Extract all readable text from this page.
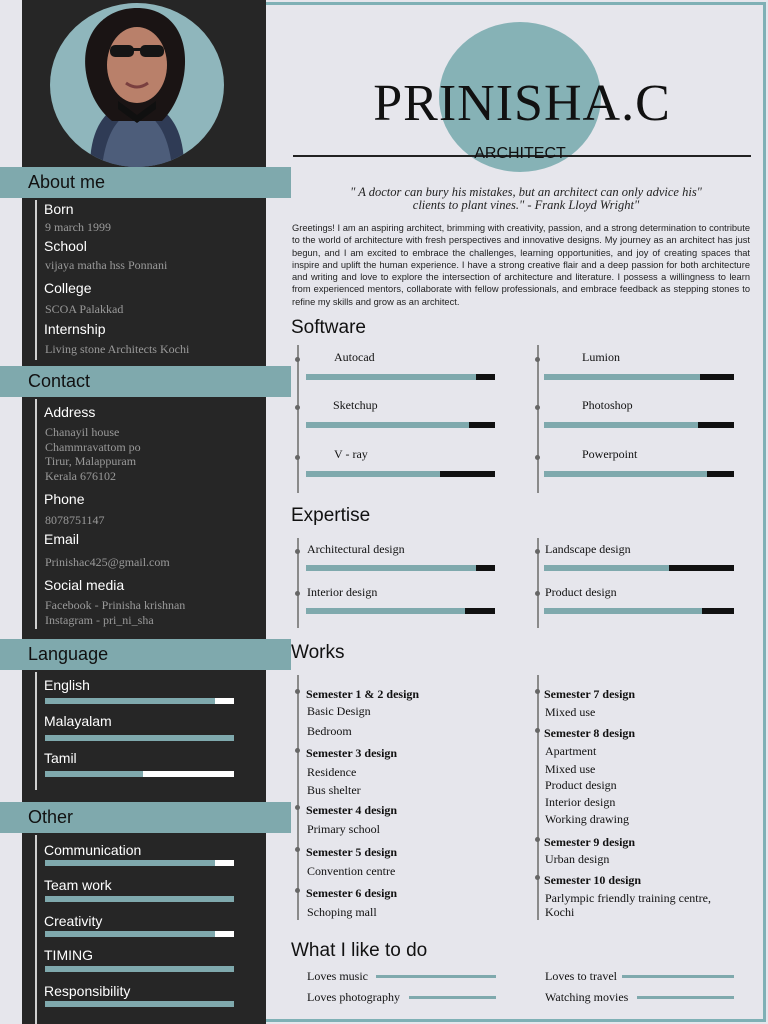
PRINISHA.C
ARCHITECT
" A doctor can bury his mistakes, but an architect can only advice his"
clients to plant vines." - Frank Lloyd Wright"
Greetings! I am an aspiring architect, brimming with creativity, passion, and a strong determination to contribute to the world of architecture with fresh perspectives and innovative designs. My journey as an architect has just begun, and I am excited to embrace the challenges, learning opportunities, and joy of creating spaces that inspire and uplift the human experience. I have a strong creative flair and a deep passion for both architecture and writing and love to explore the intersection of architecture and literature. I possess a willingness to learn from experienced mentors, collaborate with fellow professionals, and embrace feedback as stepping stones to refine my skills and grow as an architect.
About me
Born
9 march 1999
School
vijaya matha hss Ponnani
College
SCOA Palakkad
Internship
Living stone Architects Kochi
Contact
Address
Chanayil house
Chammravattom po
Tirur, Malappuram
Kerala 676102
Phone
8078751147
Email
Prinishac425@gmail.com
Social media
Facebook - Prinisha krishnan
Instagram - pri_ni_sha
Language
English
Malayalam
Tamil
Other
Communication
Team work
Creativity
TIMING
Responsibility
Software
Autocad
Sketchup
V - ray
Lumion
Photoshop
Powerpoint
Expertise
Architectural design
Interior design
Landscape design
Product design
Works
Semester 1 & 2 design
Basic Design
Bedroom
Semester 3 design
Residence
Bus shelter
Semester 4 design
Primary school
Semester 5 design
Convention centre
Semester 6 design
Schoping mall
Semester 7 design
Mixed use
Semester 8 design
Apartment
Mixed use
Product design
Interior design
Working drawing
Semester 9 design
Urban design
Semester 10 design
Parlympic friendly training centre,
Kochi
What I like to do
Loves music
Loves photography
Loves to travel
Watching movies
